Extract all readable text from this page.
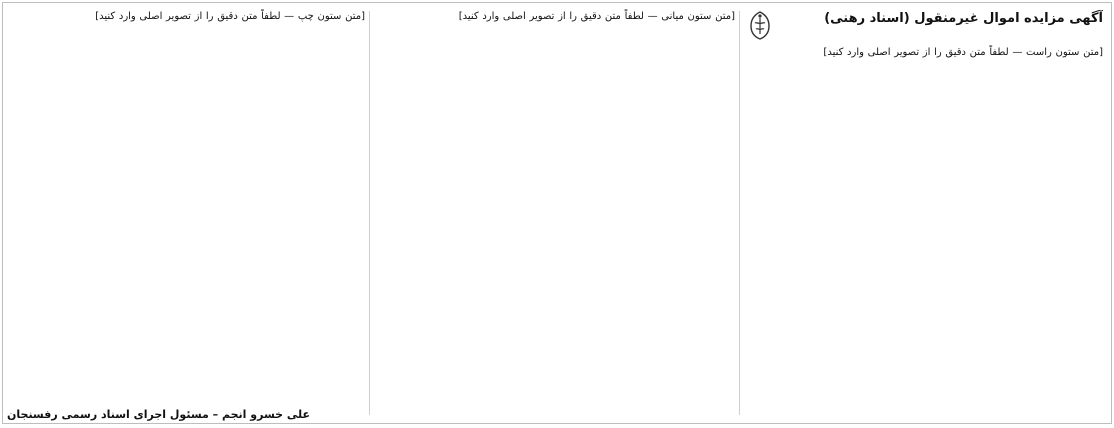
آگهی مزایده اموال غیرمنقول (اسناد رهنی)

[متن ستون راست — لطفاً متن دقیق را از تصویر اصلی وارد کنید]

[متن ستون میانی — لطفاً متن دقیق را از تصویر اصلی وارد کنید]

[متن ستون چپ — لطفاً متن دقیق را از تصویر اصلی وارد کنید]

علی خسرو انجم – مسئول اجرای اسناد رسمی رفسنجان
